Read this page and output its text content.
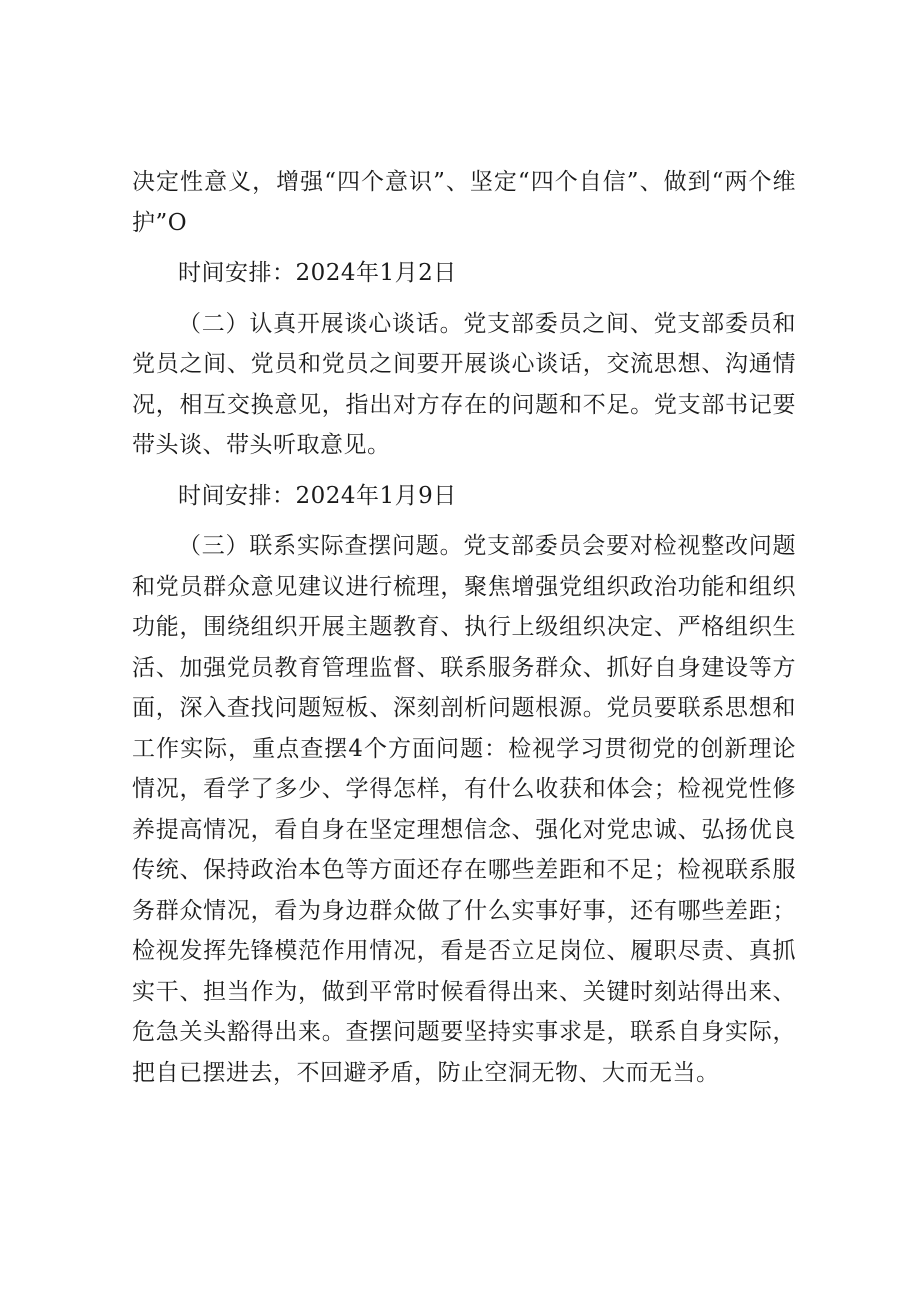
决定性意义，增强“四个意识”、坚定“四个自信”、做到“两个维护”O

时间安排：2024年1月2日

（二）认真开展谈心谈话。党支部委员之间、党支部委员和党员之间、党员和党员之间要开展谈心谈话，交流思想、沟通情况，相互交换意见，指出对方存在的问题和不足。党支部书记要带头谈、带头听取意见。

时间安排：2024年1月9日

（三）联系实际查摆问题。党支部委员会要对检视整改问题和党员群众意见建议进行梳理，聚焦增强党组织政治功能和组织功能，围绕组织开展主题教育、执行上级组织决定、严格组织生活、加强党员教育管理监督、联系服务群众、抓好自身建设等方面，深入查找问题短板、深刻剖析问题根源。党员要联系思想和工作实际，重点查摆4个方面问题：检视学习贯彻党的创新理论情况，看学了多少、学得怎样，有什么收获和体会；检视党性修养提高情况，看自身在坚定理想信念、强化对党忠诚、弘扬优良传统、保持政治本色等方面还存在哪些差距和不足；检视联系服务群众情况，看为身边群众做了什么实事好事，还有哪些差距；检视发挥先锋模范作用情况，看是否立足岗位、履职尽责、真抓实干、担当作为，做到平常时候看得出来、关键时刻站得出来、危急关头豁得出来。查摆问题要坚持实事求是，联系自身实际，把自已摆进去，不回避矛盾，防止空洞无物、大而无当。
